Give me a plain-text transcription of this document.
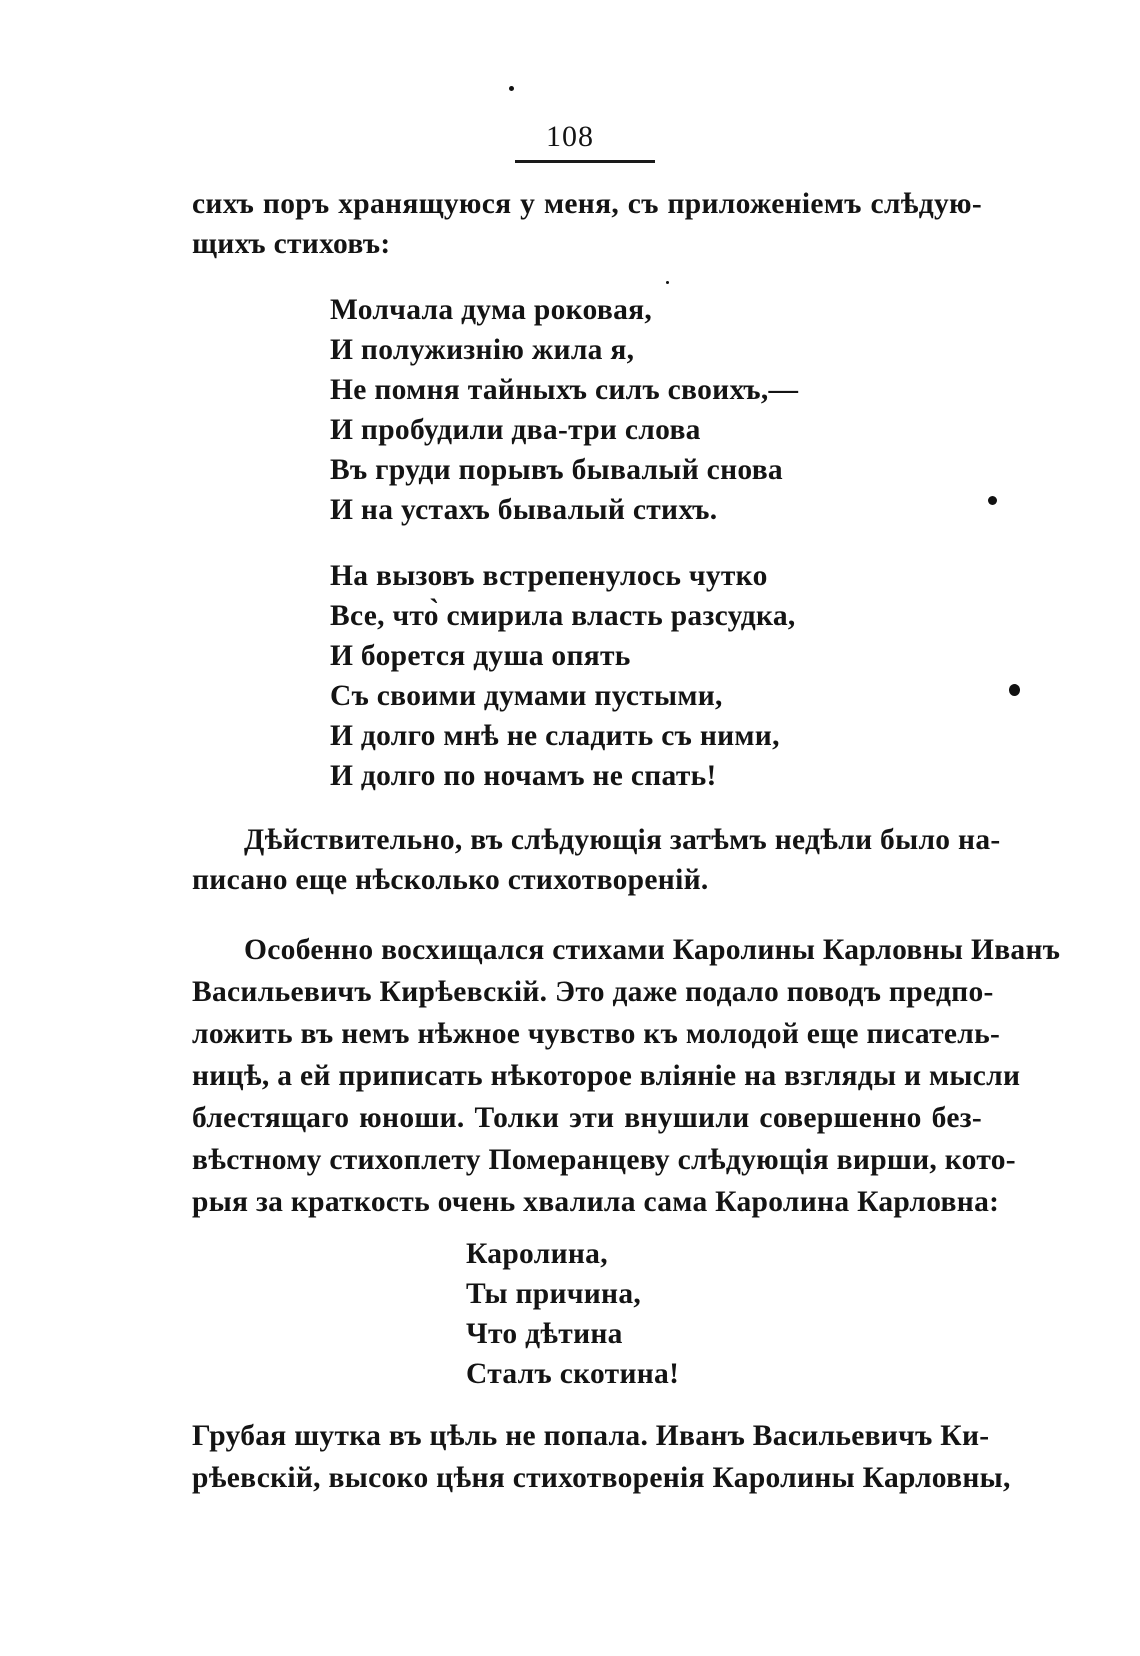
108
сихъ поръ хранящуюся у меня, съ приложенiемъ слѣдую-
щихъ стиховъ:
Молчала дума роковая,
И полужизнiю жила я,
Не помня тайныхъ силъ своихъ,—
И пробудили два-три слова
Въ груди порывъ бывалый снова
И на устахъ бывалый стихъ.
На вызовъ встрепенулось чутко
Все, что̀ смирила власть разсудка,
И борется душа опять
Съ своими думами пустыми,
И долго мнѣ не сладить съ ними,
И долго по ночамъ не спать!
Дѣйствительно, въ слѣдующiя затѣмъ недѣли было на-
писано еще нѣсколько стихотворенiй.
Особенно восхищался стихами Каролины Карловны Иванъ
Васильевичъ Кирѣевскiй. Это даже подало поводъ предпо-
ложить въ немъ нѣжное чувство къ молодой еще писатель-
ницѣ, а ей приписать нѣкоторое влiянiе на взгляды и мысли
блестящаго юноши. Толки эти внушили совершенно без-
вѣстному стихоплету Померанцеву слѣдующiя вирши, кото-
рыя за краткость очень хвалила сама Каролина Карловна:
Каролина,
Ты причина,
Что дѣтина
Сталъ скотина!
Грубая шутка въ цѣль не попала. Иванъ Васильевичъ Ки-
рѣевскiй, высоко цѣня стихотворенiя Каролины Карловны,
